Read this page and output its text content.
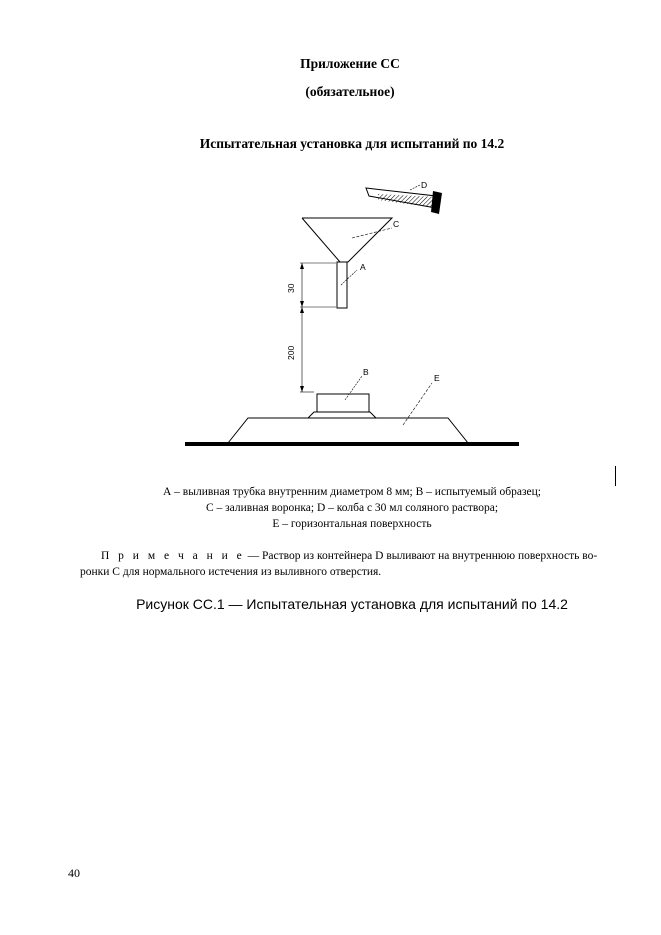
Приложение СС
(обязательное)
Испытательная установка для испытаний по 14.2
D
C
A
B
E
30
200
А – выливная трубка внутренним диаметром 8 мм; В – испытуемый образец;
С – заливная воронка; D – колба с 30 мл соляного раствора;
Е – горизонтальная поверхность
П р и м е ч а н и е — Раствор из контейнера D выливают на внутреннюю поверхность во-
ронки С для нормального истечения из выливного отверстия.
Рисунок СС.1 — Испытательная установка для испытаний по 14.2
40
